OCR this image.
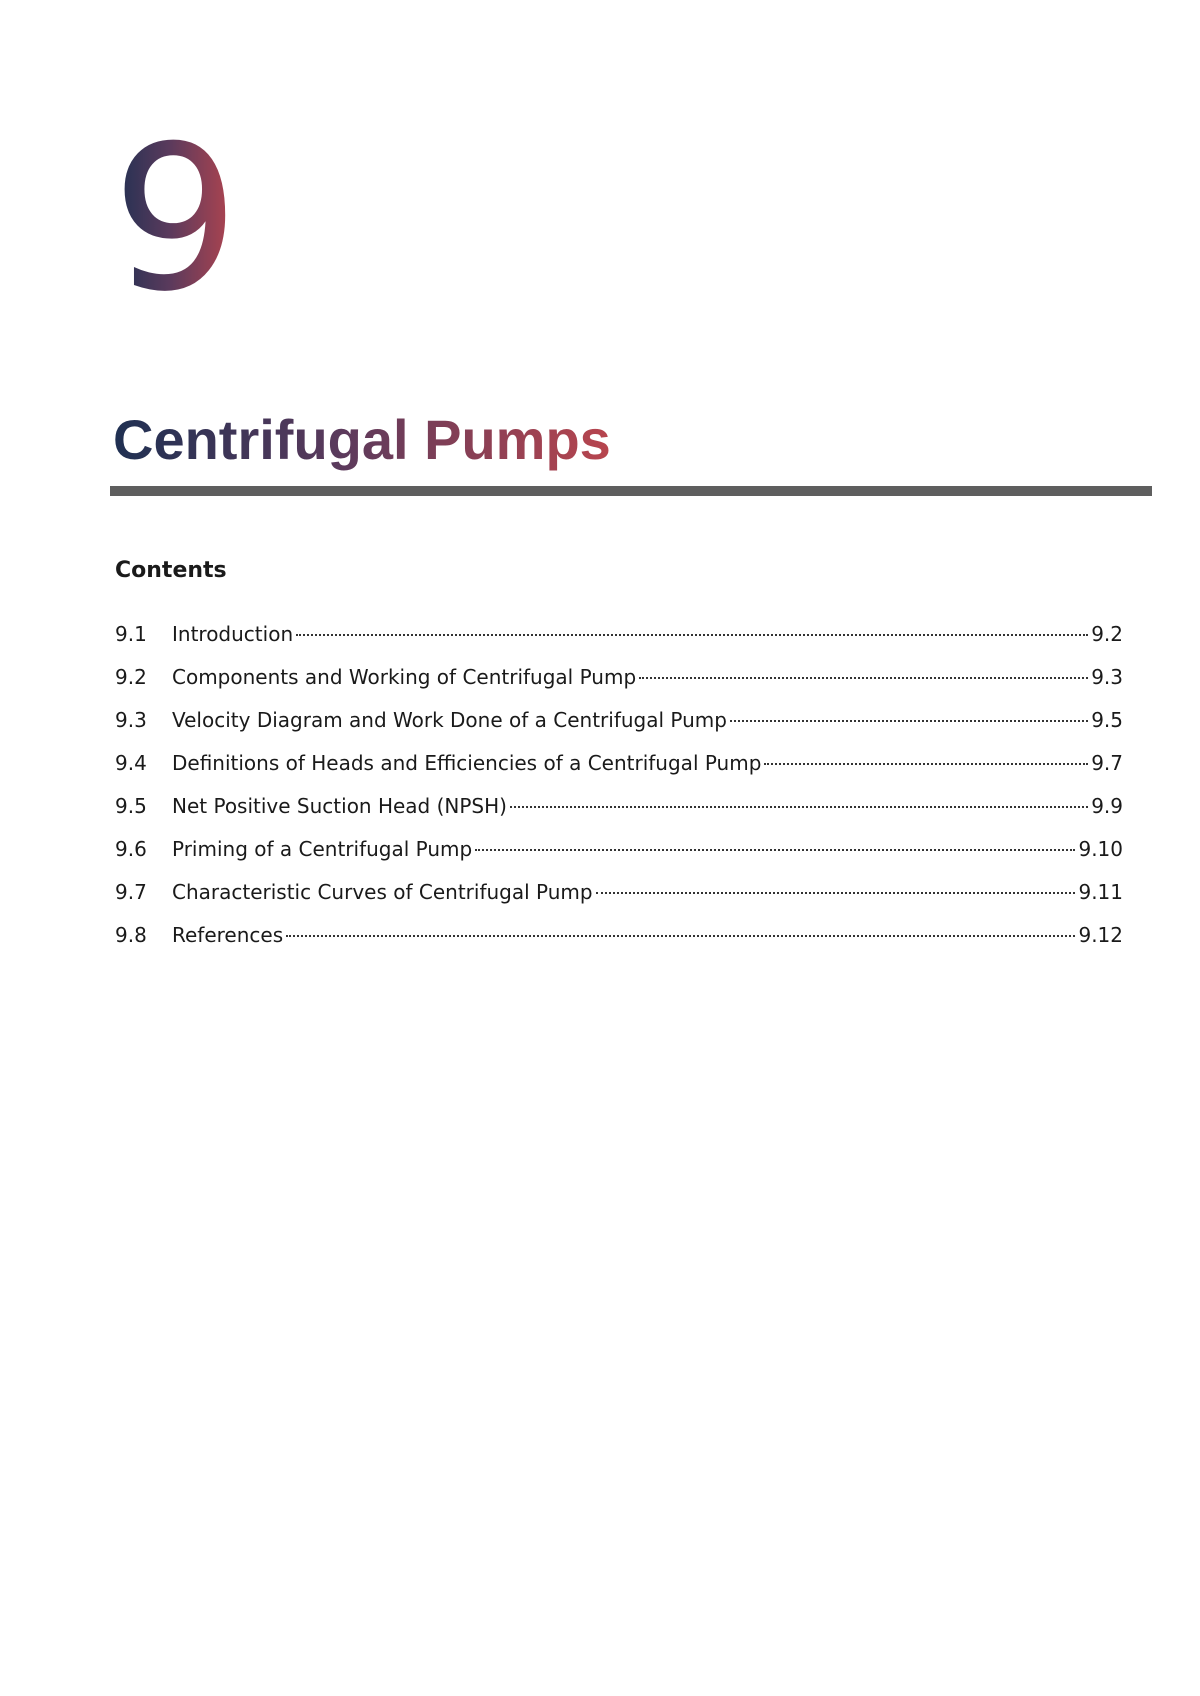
9
Centrifugal Pumps
Contents
9.1	Introduction	9.2
9.2	Components and Working of Centrifugal Pump	9.3
9.3	Velocity Diagram and Work Done of a Centrifugal Pump	9.5
9.4	Definitions of Heads and Efficiencies of a Centrifugal Pump	9.7
9.5	Net Positive Suction Head (NPSH)	9.9
9.6	Priming of a Centrifugal Pump	9.10
9.7	Characteristic Curves of Centrifugal Pump	9.11
9.8	References	9.12
